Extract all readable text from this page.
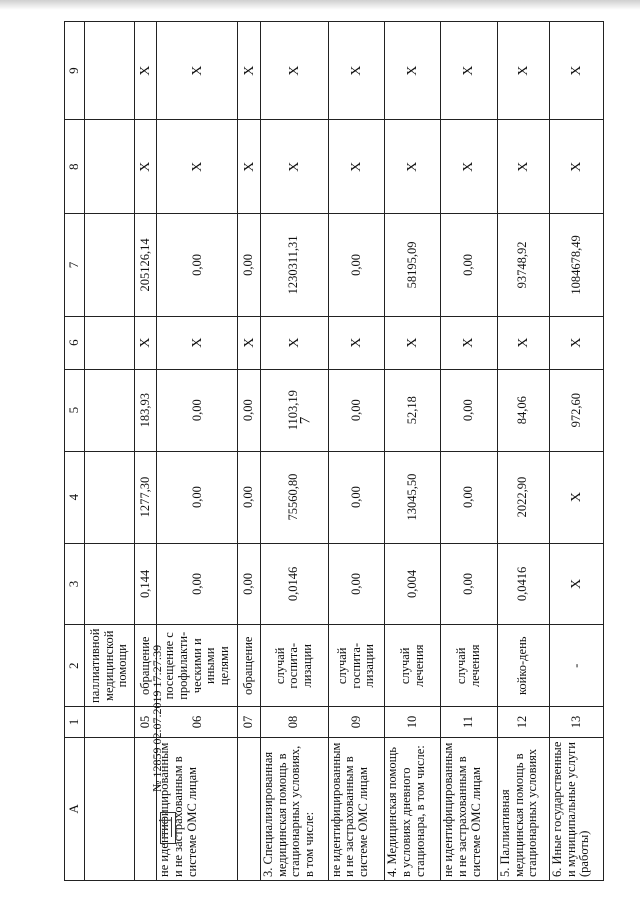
7
A	1	2	3	4	5	6	7	8	9
		паллиативной медицинской помощи							
	05	обращение	0,144	1277,30	183,93	X	205126,14	X	X
не идентифицированным и не застрахованным в системе ОМС лицам	06	посещение с профилакти-ческими и иными целями	0,00	0,00	0,00	X	0,00	X	X
	07	обращение	0,00	0,00	0,00	X	0,00	X	X
3. Специализированная медицинская помощь в стационарных условиях, в том числе:	08	случай госпита-лизации	0,0146	75560,80	1103,19	X	1230311,31	X	X
не идентифицированным и не застрахованным в системе ОМС лицам	09	случай госпита-лизации	0,00	0,00	0,00	X	0,00	X	X
4. Медицинская помощь в условиях дневного стационара, в том числе:	10	случай лечения	0,004	13045,50	52,18	X	58195,09	X	X
не идентифицированным и не застрахованным в системе ОМС лицам	11	случай лечения	0,00	0,00	0,00	X	0,00	X	X
5. Паллиативная медицинская помощь в стационарных условиях	12	койко-день	0,0416	2022,90	84,06	X	93748,92	X	X
6. Иные государственные и муниципальные услуги (работы)	13	-	X	X	972,60	X	1084678,49	X	X
№ 12859 02.07.2019 17:27:39
